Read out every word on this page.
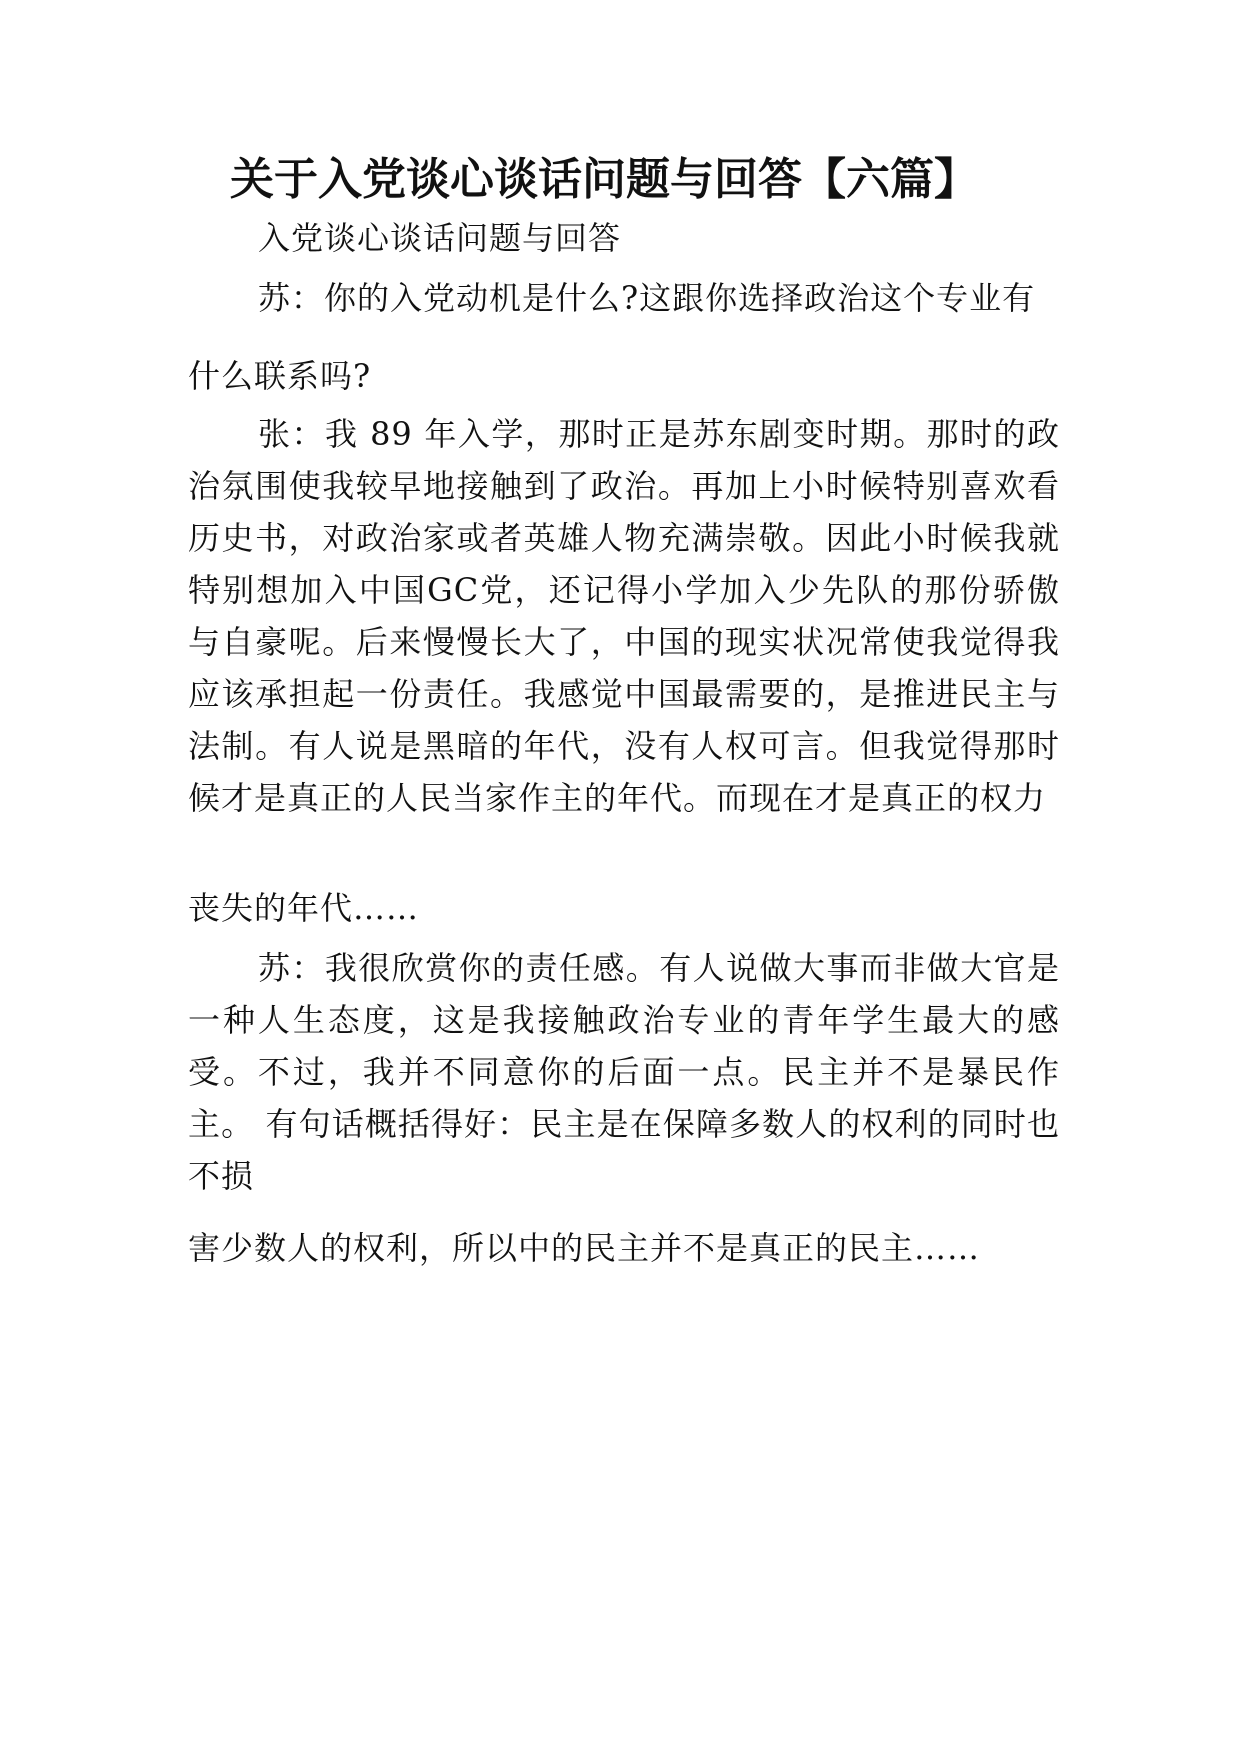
关于入党谈心谈话问题与回答【六篇】
入党谈心谈话问题与回答
苏：你的入党动机是什么?这跟你选择政治这个专业有
什么联系吗?

张：我 89 年入学，那时正是苏东剧变时期。那时的政 治氛围使我较早地接触到了政治。再加上小时候特别喜欢看 历史书，对政治家或者英雄人物充满崇敬。因此小时候我就 特别想加入中国GC党，还记得小学加入少先队的那份骄傲 与自豪呢。后来慢慢长大了，中国的现实状况常使我觉得我 应该承担起一份责任。我感觉中国最需要的，是推进民主与 法制。有人说是黑暗的年代，没有人权可言。但我觉得那时 候才是真正的人民当家作主的年代。而现在才是真正的权力

丧失的年代……

苏：我很欣赏你的责任感。有人说做大事而非做大官是一种人生态度，这是我接触政治专业的青年学生最大的感受。不过，我并不同意你的后面一点。民主并不是暴民作主。 有句话概括得好：民主是在保障多数人的权利的同时也不损

害少数人的权利，所以中的民主并不是真正的民主……
